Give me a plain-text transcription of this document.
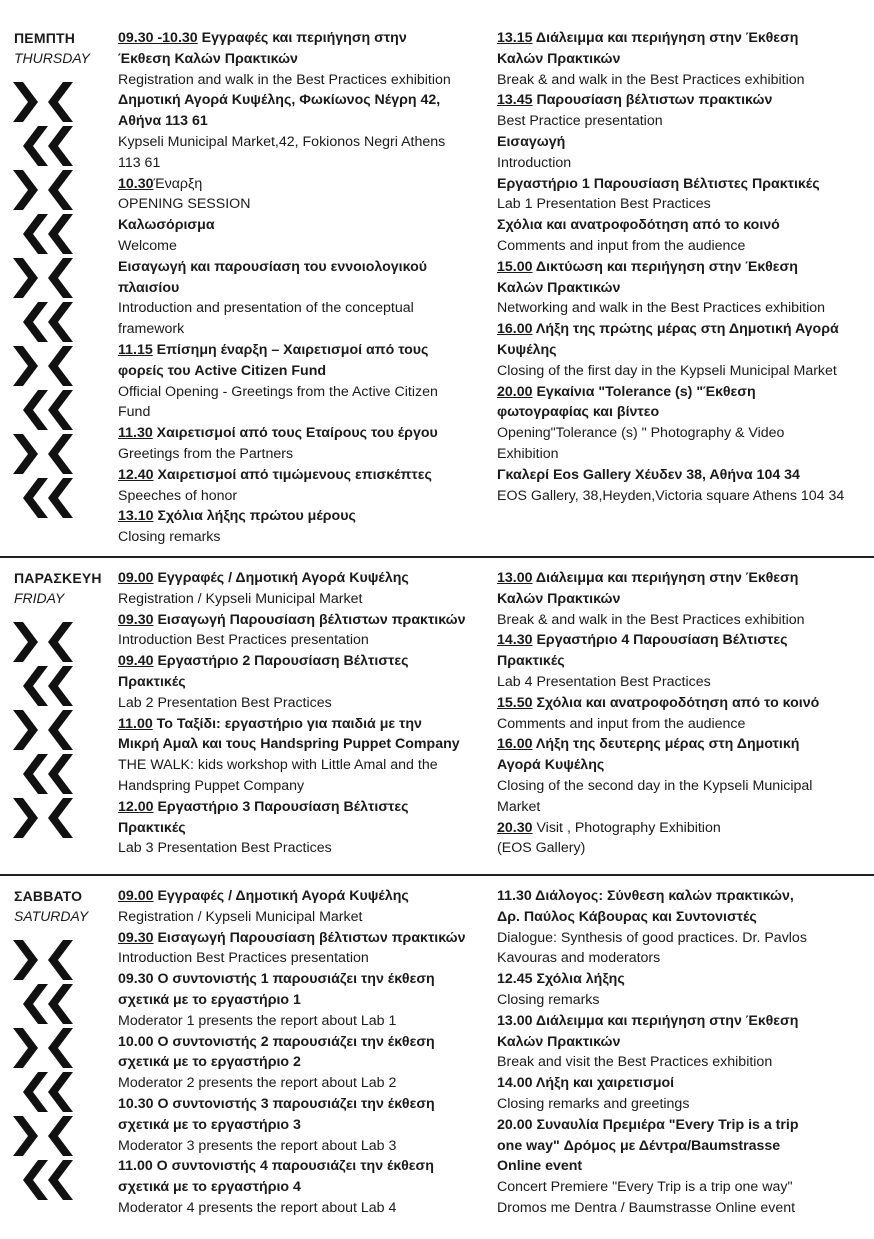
ΠΕΜΠΤΗ
THURSDAY
09.30 -10.30 Εγγραφές και περιήγηση στην
Έκθεση Καλών Πρακτικών
Registration and walk in the Best Practices exhibition
Δημοτική Αγορά Κυψέλης, Φωκίωνος Νέγρη 42,
Αθήνα 113 61
Kypseli Municipal Market,42, Fokionos Negri Athens
113 61
10.30Έναρξη
OPENING SESSION
Καλωσόρισμα
Welcome
Εισαγωγή και παρουσίαση του εννοιολογικού
πλαισίου
Introduction and presentation of the conceptual
framework
11.15 Επίσημη έναρξη – Χαιρετισμοί από τους
φορείς του Active Citizen Fund
Official Opening - Greetings from the Active Citizen
Fund
11.30 Χαιρετισμοί από τους Εταίρους του έργου
Greetings from the Partners
12.40 Χαιρετισμοί από τιμώμενους επισκέπτες
Speeches of honor
13.10 Σχόλια λήξης πρώτου μέρους
Closing remarks
13.15 Διάλειμμα και περιήγηση στην Έκθεση
Καλών Πρακτικών
Break & and walk in the Best Practices exhibition
13.45 Παρουσίαση βέλτιστων πρακτικών
Best Practice presentation
Εισαγωγή
Introduction
Εργαστήριο 1 Παρουσίαση Βέλτιστες Πρακτικές
Lab 1 Presentation Best Practices
Σχόλια και ανατροφοδότηση από το κοινό
Comments and input from the audience
15.00 Δικτύωση και περιήγηση στην Έκθεση
Καλών Πρακτικών
Networking and walk in the Best Practices exhibition
16.00 Λήξη της πρώτης μέρας στη Δημοτική Αγορά
Κυψέλης
Closing of the first day in the Kypseli Municipal Market
20.00 Εγκαίνια "Tolerance (s) "Έκθεση
φωτογραφίας και βίντεο
Opening"Tolerance (s) " Photography & Video
Exhibition
Γκαλερί Eos Gallery Χέυδεν 38, Αθήνα 104 34
EOS Gallery, 38,Heyden,Victoria square Athens 104 34
ΠΑΡΑΣΚΕΥΗ
FRIDAY
09.00 Εγγραφές / Δημοτική Αγορά Κυψέλης
Registration / Kypseli Municipal Market
09.30 Εισαγωγή Παρουσίαση βέλτιστων πρακτικών
Introduction Best Practices presentation
09.40 Εργαστήριο 2 Παρουσίαση Βέλτιστες
Πρακτικές
Lab 2 Presentation Best Practices
11.00 Το Ταξίδι: εργαστήριο για παιδιά με την
Μικρή Αμαλ και τους Handspring Puppet Company
THE WALK: kids workshop with Little Amal and the
Handspring Puppet Company
12.00 Εργαστήριο 3 Παρουσίαση Βέλτιστες
Πρακτικές
Lab 3 Presentation Best Practices
13.00 Διάλειμμα και περιήγηση στην Έκθεση
Καλών Πρακτικών
Break & and walk in the Best Practices exhibition
14.30 Εργαστήριο 4 Παρουσίαση Βέλτιστες
Πρακτικές
Lab 4 Presentation Best Practices
15.50 Σχόλια και ανατροφοδότηση από το κοινό
Comments and input from the audience
16.00 Λήξη της δευτερης μέρας στη Δημοτική
Αγορά Κυψέλης
Closing of the second day in the Kypseli Municipal
Market
20.30 Visit , Photography Exhibition
(EOS Gallery)
ΣΑΒΒΑΤΟ
SATURDAY
09.00 Εγγραφές / Δημοτική Αγορά Κυψέλης
Registration / Kypseli Municipal Market
09.30 Εισαγωγή Παρουσίαση βέλτιστων πρακτικών
Introduction Best Practices presentation
09.30 Ο συντονιστής 1 παρουσιάζει την έκθεση
σχετικά με το εργαστήριο 1
Moderator 1 presents the report about Lab 1
10.00 Ο συντονιστής 2 παρουσιάζει την έκθεση
σχετικά με το εργαστήριο 2
Moderator 2 presents the report about Lab 2
10.30 Ο συντονιστής 3 παρουσιάζει την έκθεση
σχετικά με το εργαστήριο 3
Moderator 3 presents the report about Lab 3
11.00 Ο συντονιστής 4 παρουσιάζει την έκθεση
σχετικά με το εργαστήριο 4
Moderator 4 presents the report about Lab 4
11.30 Διάλογος: Σύνθεση καλών πρακτικών,
Δρ. Παύλος Κάβουρας και Συντονιστές
Dialogue: Synthesis of good practices. Dr. Pavlos
Kavouras and moderators
12.45 Σχόλια λήξης
Closing remarks
13.00 Διάλειμμα και περιήγηση στην Έκθεση
Καλών Πρακτικών
Break and visit the Best Practices exhibition
14.00 Λήξη και χαιρετισμοί
Closing remarks and greetings
20.00 Συναυλία Πρεμιέρα "Every Trip is a trip
one way" Δρόμος με Δέντρα/Baumstrasse
Online event
Concert Premiere "Every Trip is a trip one way"
Dromos me Dentra / Baumstrasse Online event
